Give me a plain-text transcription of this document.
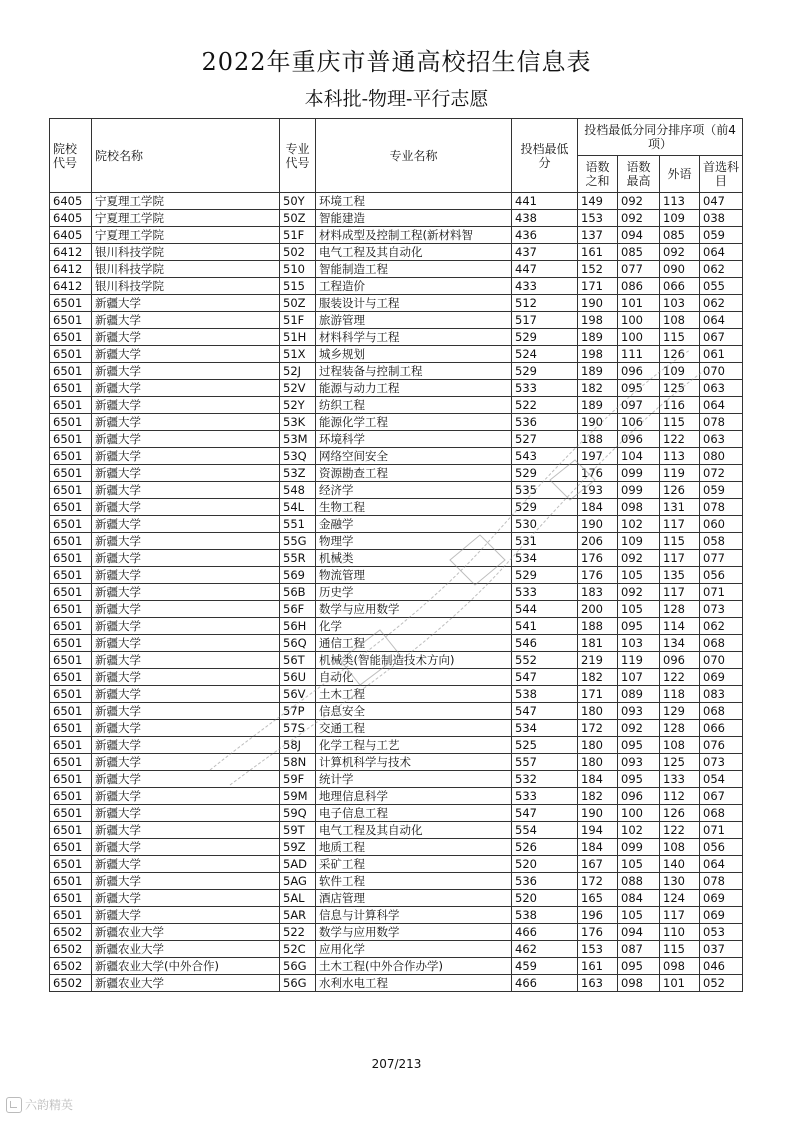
2022年重庆市普通高校招生信息表
本科批-物理-平行志愿
院校代号	院校名称	专业代号	专业名称	投档最低分	投档最低分同分排序项（前4项）			
					语数之和	语数最高	外语	首选科目
6405	宁夏理工学院	50Y	环境工程	441	149	092	113	047
6405	宁夏理工学院	50Z	智能建造	438	153	092	109	038
6405	宁夏理工学院	51F	材料成型及控制工程(新材料智	436	137	094	085	059
6412	银川科技学院	502	电气工程及其自动化	437	161	085	092	064
6412	银川科技学院	510	智能制造工程	447	152	077	090	062
6412	银川科技学院	515	工程造价	433	171	086	066	055
6501	新疆大学	50Z	服装设计与工程	512	190	101	103	062
6501	新疆大学	51F	旅游管理	517	198	100	108	064
6501	新疆大学	51H	材料科学与工程	529	189	100	115	067
6501	新疆大学	51X	城乡规划	524	198	111	126	061
6501	新疆大学	52J	过程装备与控制工程	529	189	096	109	070
6501	新疆大学	52V	能源与动力工程	533	182	095	125	063
6501	新疆大学	52Y	纺织工程	522	189	097	116	064
6501	新疆大学	53K	能源化学工程	536	190	106	115	078
6501	新疆大学	53M	环境科学	527	188	096	122	063
6501	新疆大学	53Q	网络空间安全	543	197	104	113	080
6501	新疆大学	53Z	资源勘查工程	529	176	099	119	072
6501	新疆大学	548	经济学	535	193	099	126	059
6501	新疆大学	54L	生物工程	529	184	098	131	078
6501	新疆大学	551	金融学	530	190	102	117	060
6501	新疆大学	55G	物理学	531	206	109	115	058
6501	新疆大学	55R	机械类	534	176	092	117	077
6501	新疆大学	569	物流管理	529	176	105	135	056
6501	新疆大学	56B	历史学	533	183	092	117	071
6501	新疆大学	56F	数学与应用数学	544	200	105	128	073
6501	新疆大学	56H	化学	541	188	095	114	062
6501	新疆大学	56Q	通信工程	546	181	103	134	068
6501	新疆大学	56T	机械类(智能制造技术方向)	552	219	119	096	070
6501	新疆大学	56U	自动化	547	182	107	122	069
6501	新疆大学	56V	土木工程	538	171	089	118	083
6501	新疆大学	57P	信息安全	547	180	093	129	068
6501	新疆大学	57S	交通工程	534	172	092	128	066
6501	新疆大学	58J	化学工程与工艺	525	180	095	108	076
6501	新疆大学	58N	计算机科学与技术	557	180	093	125	073
6501	新疆大学	59F	统计学	532	184	095	133	054
6501	新疆大学	59M	地理信息科学	533	182	096	112	067
6501	新疆大学	59Q	电子信息工程	547	190	100	126	068
6501	新疆大学	59T	电气工程及其自动化	554	194	102	122	071
6501	新疆大学	59Z	地质工程	526	184	099	108	056
6501	新疆大学	5AD	采矿工程	520	167	105	140	064
6501	新疆大学	5AG	软件工程	536	172	088	130	078
6501	新疆大学	5AL	酒店管理	520	165	084	124	069
6501	新疆大学	5AR	信息与计算科学	538	196	105	117	069
6502	新疆农业大学	522	数学与应用数学	466	176	094	110	053
6502	新疆农业大学	52C	应用化学	462	153	087	115	037
6502	新疆农业大学(中外合作)	56G	土木工程(中外合作办学)	459	161	095	098	046
6502	新疆农业大学	56G	水利水电工程	466	163	098	101	052
207/213
六韵精英
